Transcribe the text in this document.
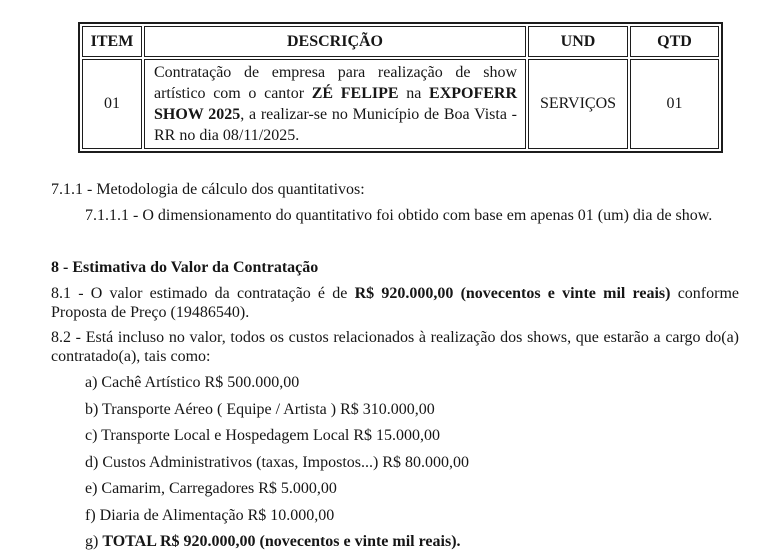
ITEM	DESCRIÇÃO	UND	QTD
01	Contratação de empresa para realização de show artístico com o cantor ZÉ FELIPE na EXPOFERR SHOW 2025, a realizar-se no Município de Boa Vista - RR no dia 08/11/2025.	SERVIÇOS	01
7.1.1 - Metodologia de cálculo dos quantitativos:
7.1.1.1 - O dimensionamento do quantitativo foi obtido com base em apenas 01 (um) dia de show.
8 - Estimativa do Valor da Contratação
8.1 - O valor estimado da contratação é de R$ 920.000,00 (novecentos e vinte mil reais) conforme Proposta de Preço (19486540).
8.2 - Está incluso no valor, todos os custos relacionados à realização dos shows, que estarão a cargo do(a) contratado(a), tais como:
a) Cachê Artístico R$ 500.000,00
b) Transporte Aéreo ( Equipe / Artista ) R$ 310.000,00
c) Transporte Local e Hospedagem Local R$ 15.000,00
d) Custos Administrativos (taxas, Impostos...) R$ 80.000,00
e) Camarim, Carregadores R$ 5.000,00
f) Diaria de Alimentação R$ 10.000,00
g) TOTAL R$ 920.000,00 (novecentos e vinte mil reais).
